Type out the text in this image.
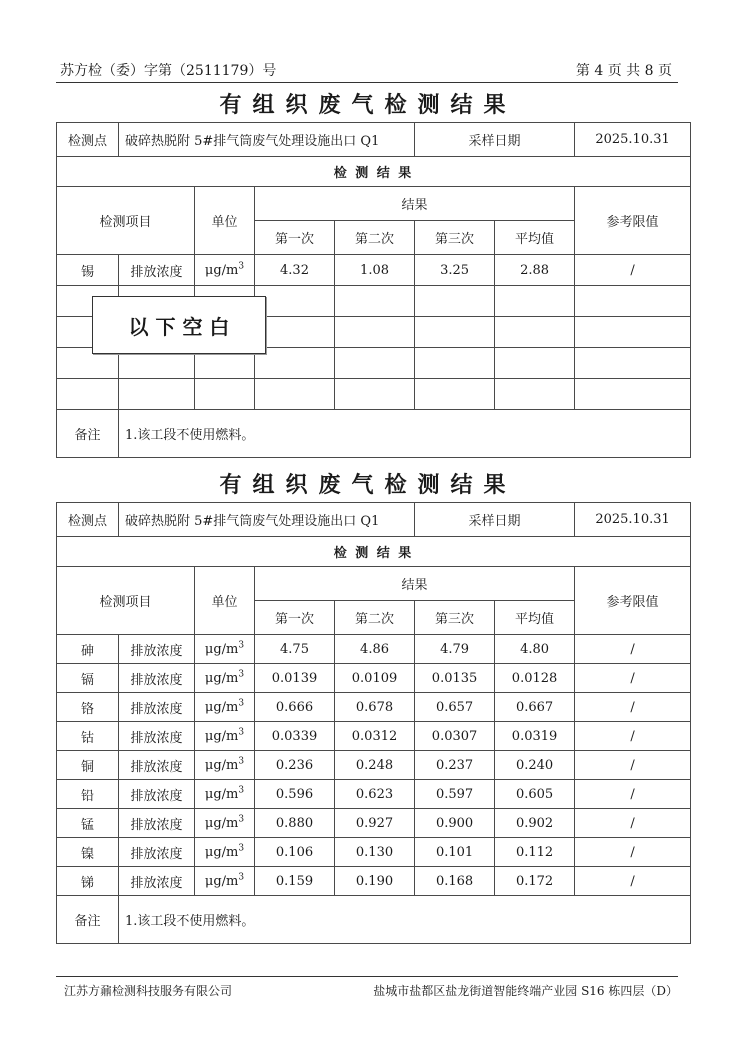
苏方检（委）字第（2511179）号	第 4 页 共 8 页
有组织废气检测结果
检测点	破碎热脱附 5#排气筒废气处理设施出口 Q1				采样日期		2025.10.31
检 测 结 果							
检测项目		单位	结果				参考限值
			第一次	第二次	第三次	平均值	
锡	排放浓度	$\mu g/m^3$	4.32	1.08	3.25	2.88	/

备注	1.该工段不使用燃料。						
以 下 空 白
有组织废气检测结果
检测点	破碎热脱附 5#排气筒废气处理设施出口 Q1				采样日期		2025.10.31
检 测 结 果							
检测项目		单位	结果				参考限值
			第一次	第二次	第三次	平均值	
砷	排放浓度	$\mu g/m^3$	4.75	4.86	4.79	4.80	/
镉	排放浓度	$\mu g/m^3$	0.0139	0.0109	0.0135	0.0128	/
铬	排放浓度	$\mu g/m^3$	0.666	0.678	0.657	0.667	/
钴	排放浓度	$\mu g/m^3$	0.0339	0.0312	0.0307	0.0319	/
铜	排放浓度	$\mu g/m^3$	0.236	0.248	0.237	0.240	/
铅	排放浓度	$\mu g/m^3$	0.596	0.623	0.597	0.605	/
锰	排放浓度	$\mu g/m^3$	0.880	0.927	0.900	0.902	/
镍	排放浓度	$\mu g/m^3$	0.106	0.130	0.101	0.112	/
锑	排放浓度	$\mu g/m^3$	0.159	0.190	0.168	0.172	/
备注	1.该工段不使用燃料。						
江苏方鼐检测科技服务有限公司	盐城市盐都区盐龙街道智能终端产业园 S16 栋四层（D）
